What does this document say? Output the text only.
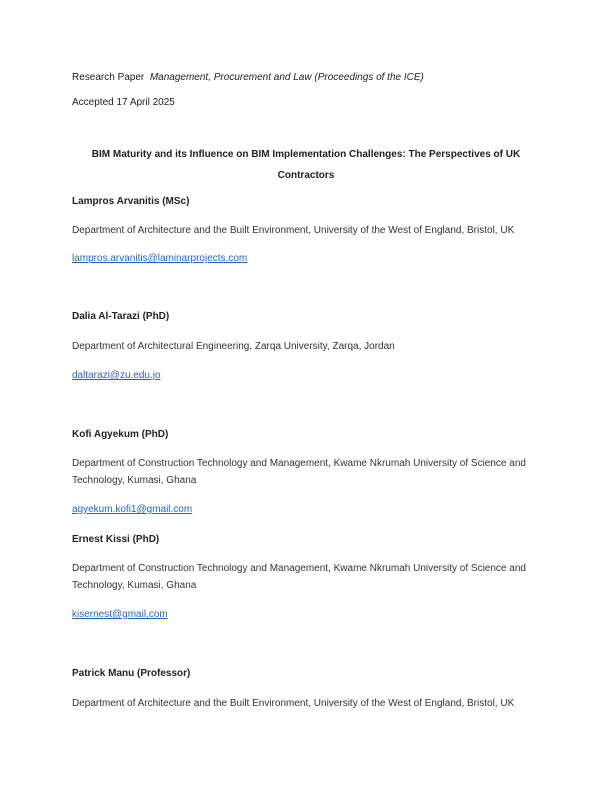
Research Paper Management, Procurement and Law (Proceedings of the ICE)
Accepted 17 April 2025
BIM Maturity and its Influence on BIM Implementation Challenges: The Perspectives of UK Contractors
Lampros Arvanitis (MSc)
Department of Architecture and the Built Environment, University of the West of England, Bristol, UK
lampros.arvanitis@laminarprojects.com
Dalia Al-Tarazi (PhD)
Department of Architectural Engineering, Zarqa University, Zarqa, Jordan
daltarazi@zu.edu.jo
Kofi Agyekum (PhD)
Department of Construction Technology and Management, Kwame Nkrumah University of Science and Technology, Kumasi, Ghana
agyekum.kofi1@gmail.com
Ernest Kissi (PhD)
Department of Construction Technology and Management, Kwame Nkrumah University of Science and Technology, Kumasi, Ghana
kisernest@gmail.com
Patrick Manu (Professor)
Department of Architecture and the Built Environment, University of the West of England, Bristol, UK
